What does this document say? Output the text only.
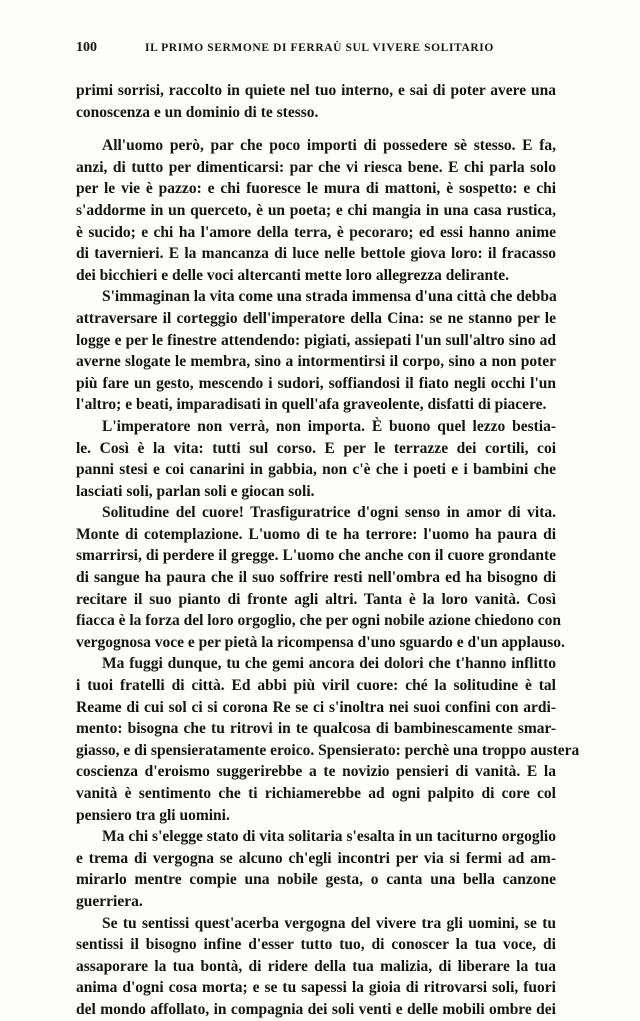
100	IL PRIMO SERMONE DI FERRAÙ SUL VIVERE SOLITARIO
primi sorrisi, raccolto in quiete nel tuo interno, e sai di poter avere una
conoscenza e un dominio di te stesso.
All'uomo però, par che poco importi di possedere sè stesso. E fa,
anzi, di tutto per dimenticarsi: par che vi riesca bene. E chi parla solo
per le vie è pazzo: e chi fuoresce le mura di mattoni, è sospetto: e chi
s'addorme in un querceto, è un poeta; e chi mangia in una casa rustica,
è sucido; e chi ha l'amore della terra, è pecoraro; ed essi hanno anime
di tavernieri. E la mancanza di luce nelle bettole giova loro: il fracasso
dei bicchieri e delle voci altercanti mette loro allegrezza delirante.
S'immaginan la vita come una strada immensa d'una città che debba
attraversare il corteggio dell'imperatore della Cina: se ne stanno per le
logge e per le finestre attendendo: pigiati, assiepati l'un sull'altro sino ad
averne slogate le membra, sino a intormentirsi il corpo, sino a non poter
più fare un gesto, mescendo i sudori, soffiandosi il fiato negli occhi l'un
l'altro; e beati, imparadisati in quell'afa graveolente, disfatti di piacere.
L'imperatore non verrà, non importa. È buono quel lezzo bestia-
le. Così è la vita: tutti sul corso. E per le terrazze dei cortili, coi
panni stesi e coi canarini in gabbia, non c'è che i poeti e i bambini che
lasciati soli, parlan soli e giocan soli.
Solitudine del cuore! Trasfiguratrice d'ogni senso in amor di vita.
Monte di cotemplazione. L'uomo di te ha terrore: l'uomo ha paura di
smarrirsi, di perdere il gregge. L'uomo che anche con il cuore grondante
di sangue ha paura che il suo soffrire resti nell'ombra ed ha bisogno di
recitare il suo pianto di fronte agli altri. Tanta è la loro vanità. Così
fiacca è la forza del loro orgoglio, che per ogni nobile azione chiedono con
vergognosa voce e per pietà la ricompensa d'uno sguardo e d'un applauso.
Ma fuggi dunque, tu che gemi ancora dei dolori che t'hanno inflitto
i tuoi fratelli di città. Ed abbi più viril cuore: ché la solitudine è tal
Reame di cui sol ci si corona Re se ci s'inoltra nei suoi confini con ardi-
mento: bisogna che tu ritrovi in te qualcosa di bambinescamente smar-
giasso, e di spensieratamente eroico. Spensierato: perchè una troppo austera
coscienza d'eroismo suggerirebbe a te novizio pensieri di vanità. E la
vanità è sentimento che ti richiamerebbe ad ogni palpito di core col
pensiero tra gli uomini.
Ma chi s'elegge stato di vita solitaria s'esalta in un taciturno orgoglio
e trema di vergogna se alcuno ch'egli incontri per via si fermi ad am-
mirarlo mentre compie una nobile gesta, o canta una bella canzone
guerriera.
Se tu sentissi quest'acerba vergogna del vivere tra gli uomini, se tu
sentissi il bisogno infine d'esser tutto tuo, di conoscer la tua voce, di
assaporare la tua bontà, di ridere della tua malizia, di liberare la tua
anima d'ogni cosa morta; e se tu sapessi la gioia di ritrovarsi soli, fuori
del mondo affollato, in compagnia dei soli venti e delle mobili ombre dei
